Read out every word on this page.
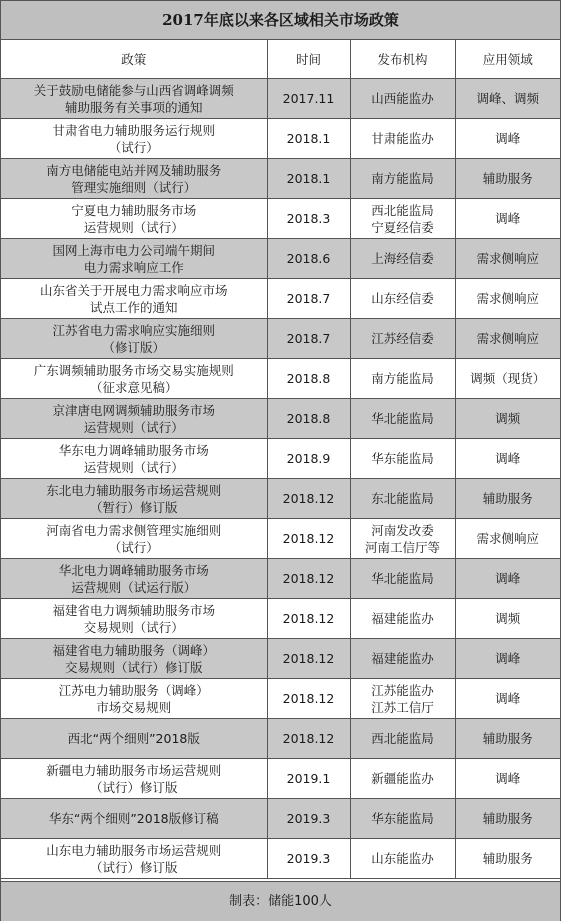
2017年底以来各区域相关市场政策
政策	时间	发布机构	应用领域

关于鼓励电储能参与山西省调峰调频
辅助服务有关事项的通知	2017.11	山西能监办	调峰、调频

甘肃省电力辅助服务运行规则
（试行）	2018.1	甘肃能监办	调峰

南方电储能电站并网及辅助服务
管理实施细则（试行）	2018.1	南方能监局	辅助服务

宁夏电力辅助服务市场
运营规则（试行）	2018.3	西北能监局
宁夏经信委	调峰

国网上海市电力公司端午期间
电力需求响应工作	2018.6	上海经信委	需求侧响应

山东省关于开展电力需求响应市场
试点工作的通知	2018.7	山东经信委	需求侧响应

江苏省电力需求响应实施细则
（修订版）	2018.7	江苏经信委	需求侧响应

广东调频辅助服务市场交易实施规则
（征求意见稿）	2018.8	南方能监局	调频（现货）

京津唐电网调频辅助服务市场
运营规则（试行）	2018.8	华北能监局	调频

华东电力调峰辅助服务市场
运营规则（试行）	2018.9	华东能监局	调峰

东北电力辅助服务市场运营规则
（暂行）修订版	2018.12	东北能监局	辅助服务

河南省电力需求侧管理实施细则
（试行）	2018.12	河南发改委
河南工信厅等	需求侧响应

华北电力调峰辅助服务市场
运营规则（试运行版）	2018.12	华北能监局	调峰

福建省电力调频辅助服务市场
交易规则（试行）	2018.12	福建能监办	调频

福建省电力辅助服务（调峰）
交易规则（试行）修订版	2018.12	福建能监办	调峰

江苏电力辅助服务（调峰）
市场交易规则	2018.12	江苏能监办
江苏工信厅	调峰

西北“两个细则”2018版	2018.12	西北能监局	辅助服务

新疆电力辅助服务市场运营规则
（试行）修订版	2019.1	新疆能监办	调峰

华东“两个细则”2018版修订稿	2019.3	华东能监局	辅助服务

山东电力辅助服务市场运营规则
（试行）修订版	2019.3	山东能监办	辅助服务
制表：储能100人
